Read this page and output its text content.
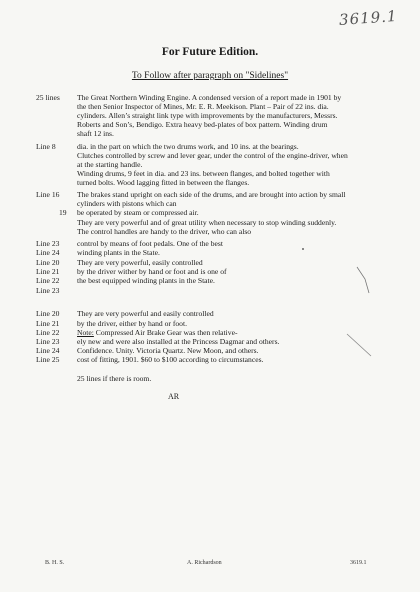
3619.1
For Future Edition.
To Follow after paragraph on "Sidelines"
25 lines The Great Northern Winding Engine. A condensed version of a report made in 1901 by
the then Senior Inspector of Mines, Mr. E. R. Meekison. Plant – Pair of 22 ins. dia.
cylinders. Allen’s straight link type with improvements by the manufacturers, Messrs.
Roberts and Son’s, Bendigo. Extra heavy bed-plates of box pattern. Winding drum
shaft 12 ins.
Line 8	dia. in the part on which the two drums work, and 10 ins. at the bearings.
Clutches controlled by screw and lever gear, under the control of the engine-driver, when
at the starting handle.
Winding drums, 9 feet in dia. and 23 ins. between flanges, and bolted together with
turned bolts. Wood lagging fitted in between the flanges.
Line 16 The brakes stand upright on each side of the drums, and are brought into action by small
cylinders with pistons which can
19 be operated by steam or compressed air.
They are very powerful and of great utility when necessary to stop winding suddenly.
The control handles are handy to the driver, who can also
Line 23 control by means of foot pedals. One of the best
Line 24 winding plants in the State.
Line 20 They are very powerful, easily controlled
Line 21 by the driver wither by hand or foot and is one of
Line 22 the best equipped winding plants in the State.
Line 23
Line 20 They are very powerful and easily controlled
Line 21 by the driver, either by hand or foot.
Line 22 Note: Compressed Air Brake Gear was then relative-
Line 23 ely new and were also installed at the Princess Dagmar and others.
Line 24 Confidence. Unity. Victoria Quartz. New Moon, and others.
Line 25 cost of fitting, 1901. $60 to $100 according to circumstances.
25 lines if there is room.
AR
B. H. S.	A. Richardson	3619.1
